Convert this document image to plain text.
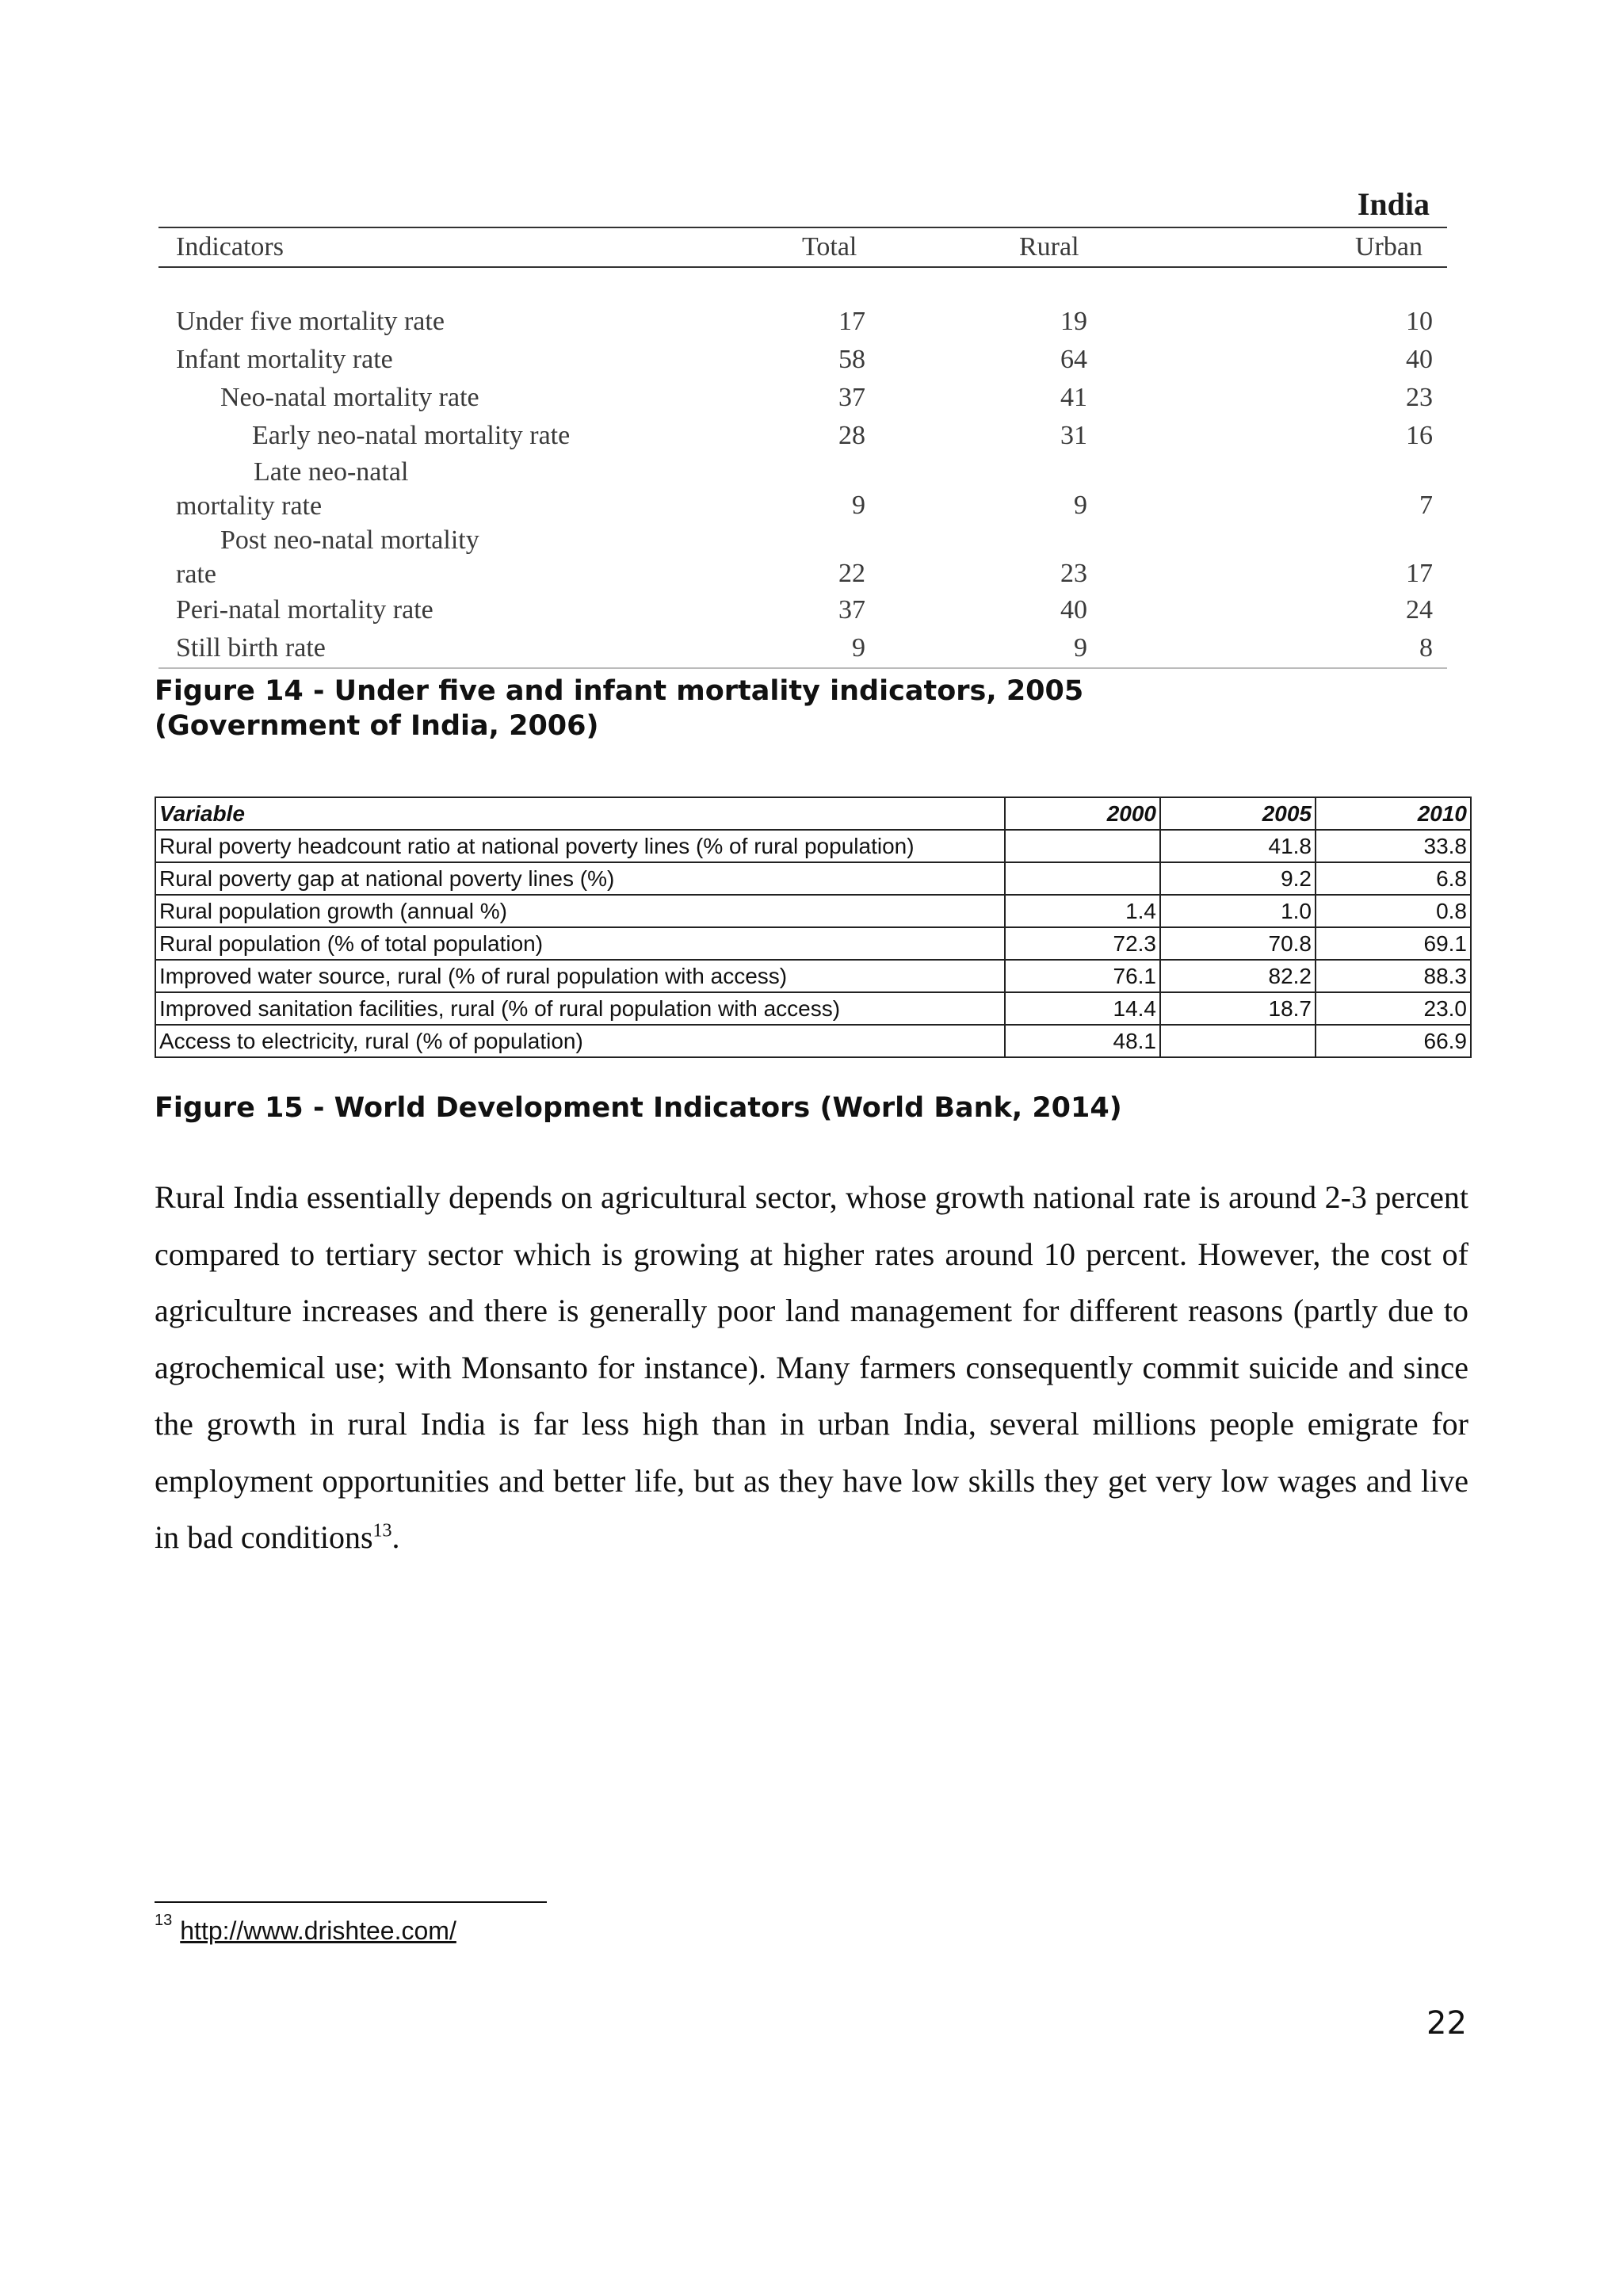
India
Indicators	Total	Rural	Urban
Under five mortality rate	17	19	10
Infant mortality rate	58	64	40
Neo-natal mortality rate	37	41	23
Early neo-natal mortality rate	28	31	16
Late neo-natal
mortality rate	9	9	7
Post neo-natal mortality
rate	22	23	17
Peri-natal mortality rate	37	40	24
Still birth rate	9	9	8
Figure 14 - Under five and infant mortality indicators, 2005
(Government of India, 2006)
Variable	2000	2005	2010
Rural poverty headcount ratio at national poverty lines (% of rural population)		41.8	33.8
Rural poverty gap at national poverty lines (%)		9.2	6.8
Rural population growth (annual %)	1.4	1.0	0.8
Rural population (% of total population)	72.3	70.8	69.1
Improved water source, rural (% of rural population with access)	76.1	82.2	88.3
Improved sanitation facilities, rural (% of rural population with access)	14.4	18.7	23.0
Access to electricity, rural (% of population)	48.1		66.9
Figure 15 - World Development Indicators (World Bank, 2014)

Rural India essentially depends on agricultural sector, whose growth national rate is around 2-3 percent compared to tertiary sector which is growing at higher rates around 10 percent. However, the cost of agriculture increases and there is generally poor land management for different reasons (partly due to agrochemical use; with Monsanto for instance). Many farmers consequently commit suicide and since the growth in rural India is far less high than in urban India, several millions people emigrate for employment opportunities and better life, but as they have low skills they get very low wages and live in bad conditions$^{13}$.

$^{13}$ http://www.drishtee.com/
22
